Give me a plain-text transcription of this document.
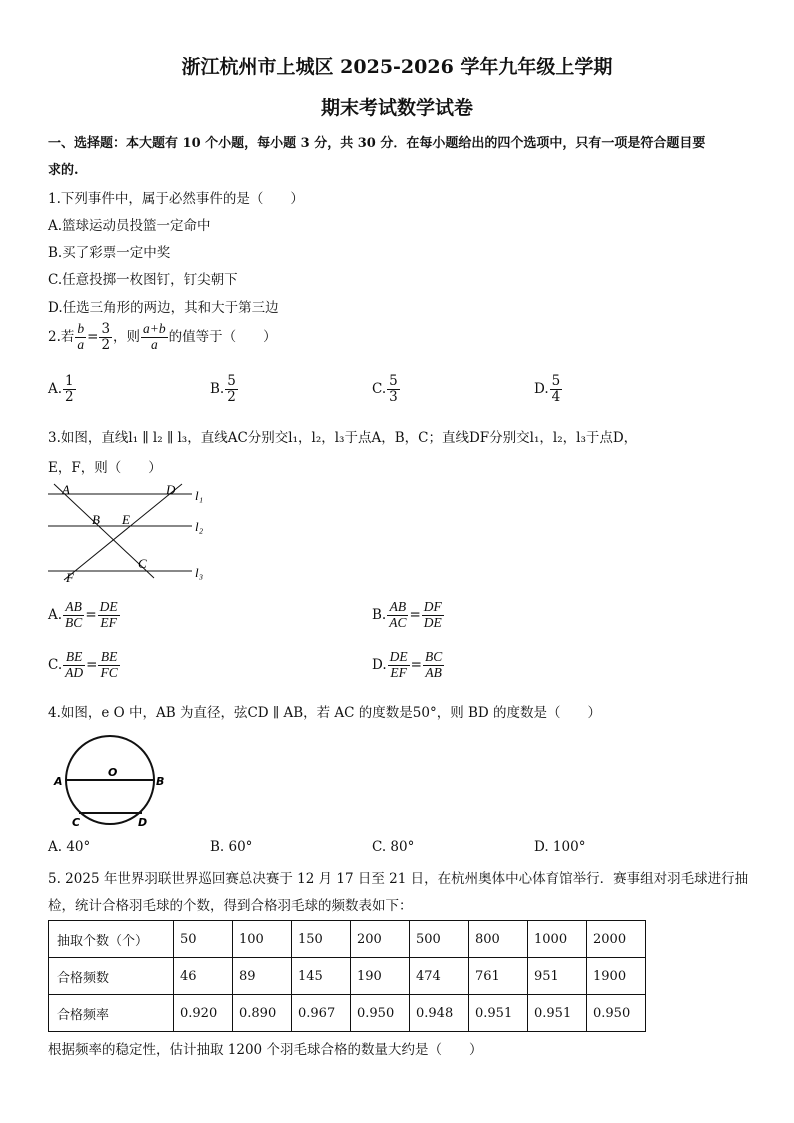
浙江杭州市上城区 2025-2026 学年九年级上学期
期末考试数学试卷
一、选择题：本大题有 10 个小题，每小题 3 分，共 30 分．在每小题给出的四个选项中，只有一项是符合题目要
求的.
1.下列事件中，属于必然事件的是（　　）
A.篮球运动员投篮一定命中
B.买了彩票一定中奖
C.任意投掷一枚图钉，钉尖朝下
D.任选三角形的两边，其和大于第三边
2.若 $\frac{b}{a} = \frac{3}{2}$ ，则 $\frac{a+b}{a}$ 的值等于（　　）
A. $\frac{1}{2}$	B. $\frac{5}{2}$	C. $\frac{5}{3}$	D. $\frac{5}{4}$
3.如图，直线l₁ ∥ l₂ ∥ l₃，直线AC分别交l₁，l₂，l₃于点A，B，C；直线DF分别交l₁，l₂，l₃于点D，
E，F，则（　　）
A	D
B E
C
F
l₁
l₂
l₃
A. $\frac{AB}{BC} = \frac{DE}{EF}$	B. $\frac{AB}{AC} = \frac{DF}{DE}$
C. $\frac{BE}{AD} = \frac{BE}{FC}$	D. $\frac{DE}{EF} = \frac{BC}{AB}$
4.如图，e O 中，AB 为直径，弦CD ∥ AB，若 AC 的度数是50°，则 BD 的度数是（　　）
O
A	B
C	D
A. 40°	B. 60°	C. 80°	D. 100°
5. 2025 年世界羽联世界巡回赛总决赛于 12 月 17 日至 21 日，在杭州奥体中心体育馆举行．赛事组对羽毛球进行抽
检，统计合格羽毛球的个数，得到合格羽毛球的频数表如下：
抽取个数（个）	50	100	150	200	500	800	1000	2000
合格频数	46	89	145	190	474	761	951	1900
合格频率	0.920	0.890	0.967	0.950	0.948	0.951	0.951	0.950
根据频率的稳定性，估计抽取 1200 个羽毛球合格的数量大约是（　　）
